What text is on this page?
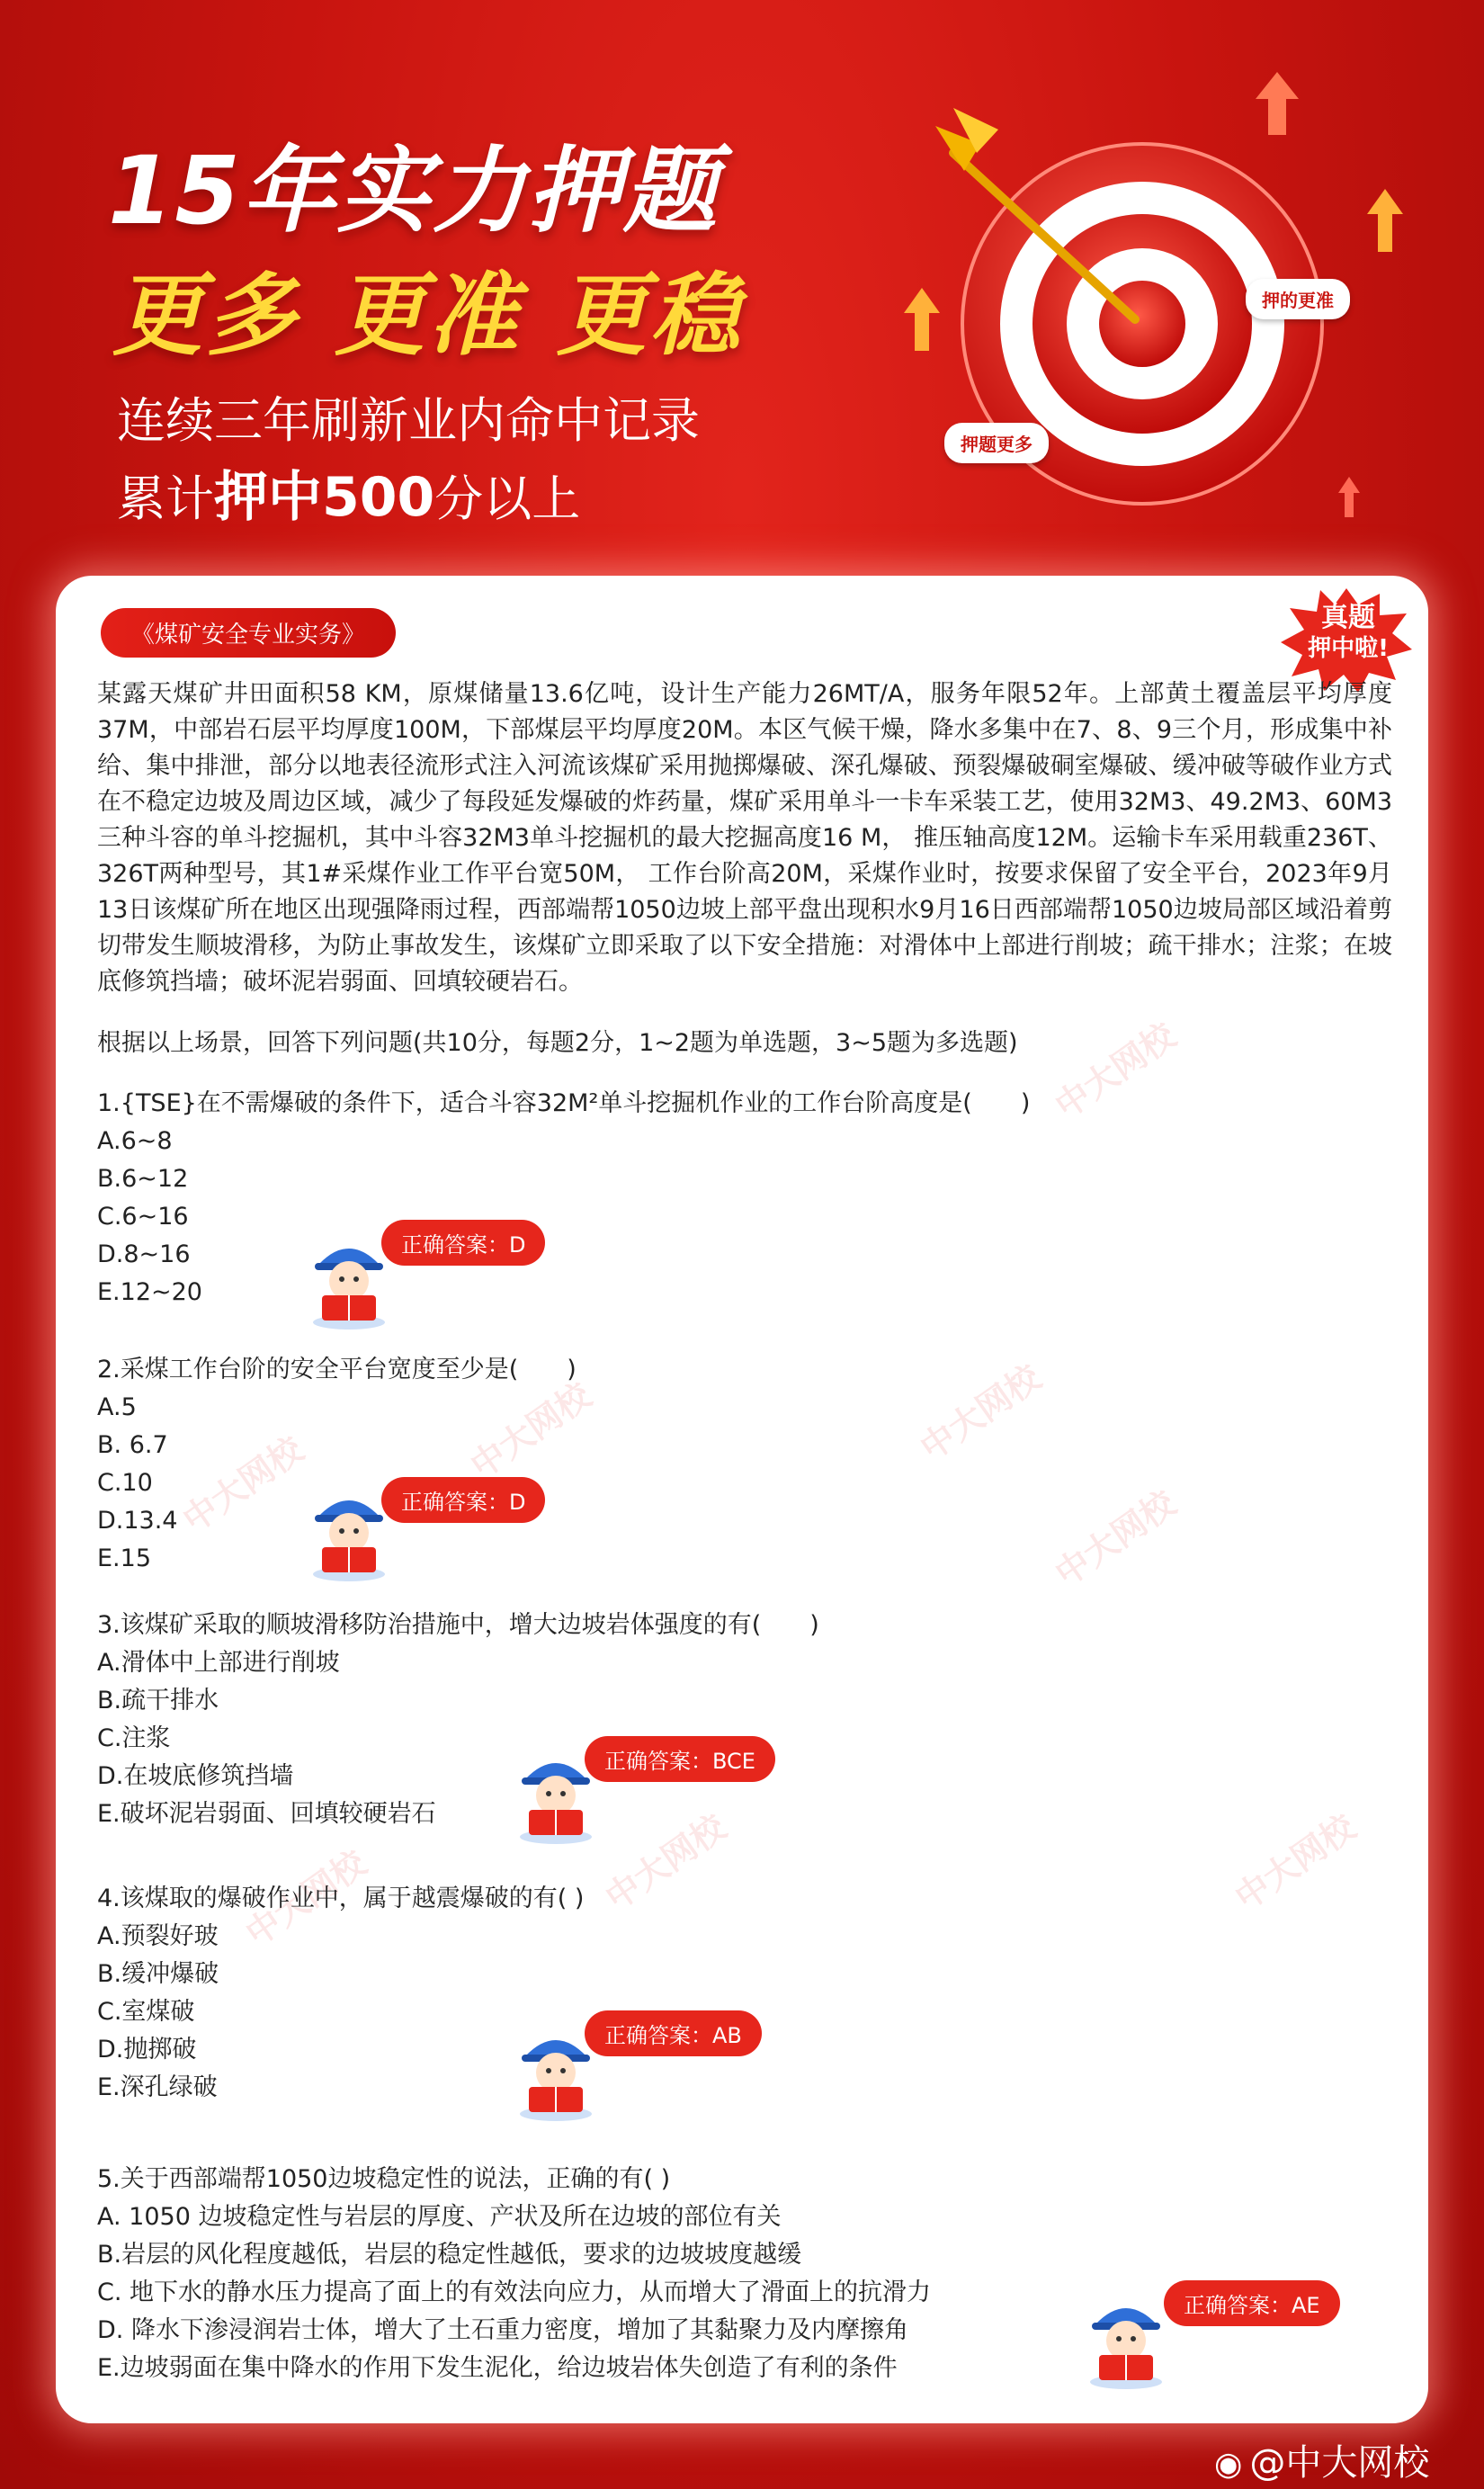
15年实力押题
更多 更准 更稳
连续三年刷新业内命中记录
累计押中500分以上
押的更准
押题更多
中大网校
中大网校
中大网校	中大网校
中大网校
中大网校	中大网校	中大网校
《煤矿安全专业实务》
真题
押中啦!
某露天煤矿井田面积58 KM，原煤储量13.6亿吨，设计生产能力26MT/A，服务年限52年。上部黄土覆盖层平均厚度37M，中部岩石层平均厚度100M，下部煤层平均厚度20M。本区气候干燥，降水多集中在7、8、9三个月，形成集中补给、集中排泄，部分以地表径流形式注入河流该煤矿采用抛掷爆破、深孔爆破、预裂爆破硐室爆破、缓冲破等破作业方式在不稳定边坡及周边区域，减少了每段延发爆破的炸药量，煤矿采用单斗一卡车采装工艺，使用32M3、49.2M3、60M3三种斗容的单斗挖掘机，其中斗容32M3单斗挖掘机的最大挖掘高度16 M， 推压轴高度12M。运输卡车采用载重236T、326T两种型号，其1#采煤作业工作平台宽50M， 工作台阶高20M，采煤作业时，按要求保留了安全平台，2023年9月13日该煤矿所在地区出现强降雨过程，西部端帮1050边坡上部平盘出现积水9月16日西部端帮1050边坡局部区域沿着剪切带发生顺坡滑移，为防止事故发生，该煤矿立即采取了以下安全措施：对滑体中上部进行削坡；疏干排水；注浆；在坡底修筑挡墙；破坏泥岩弱面、回填较硬岩石。
根据以上场景，回答下列问题(共10分，每题2分，1~2题为单选题，3~5题为多选题)
1.{TSE}在不需爆破的条件下，适合斗容32M²单斗挖掘机作业的工作台阶高度是(　　)
A.6~8
B.6~12
C.6~16
D.8~16
E.12~20
正确答案：D
2.采煤工作台阶的安全平台宽度至少是(　　)
A.5
B. 6.7
C.10
D.13.4
E.15
正确答案：D
3.该煤矿采取的顺坡滑移防治措施中，增大边坡岩体强度的有(　　)
A.滑体中上部进行削坡
B.疏干排水
C.注浆
D.在坡底修筑挡墙
E.破坏泥岩弱面、回填较硬岩石
正确答案：BCE
4.该煤取的爆破作业中，属于越震爆破的有( )
A.预裂好玻
B.缓冲爆破
C.室煤破
D.抛掷破
E.深孔绿破
正确答案：AB
5.关于西部端帮1050边坡稳定性的说法，正确的有( )
A. 1050 边坡稳定性与岩层的厚度、产状及所在边坡的部位有关
B.岩层的风化程度越低，岩层的稳定性越低，要求的边坡坡度越缓
C. 地下水的静水压力提高了面上的有效法向应力，从而增大了滑面上的抗滑力
D. 降水下渗浸润岩士体，增大了土石重力密度，增加了其黏聚力及内摩擦角
E.边坡弱面在集中降水的作用下发生泥化，给边坡岩体失创造了有利的条件
正确答案：AE
◉ @中大网校
